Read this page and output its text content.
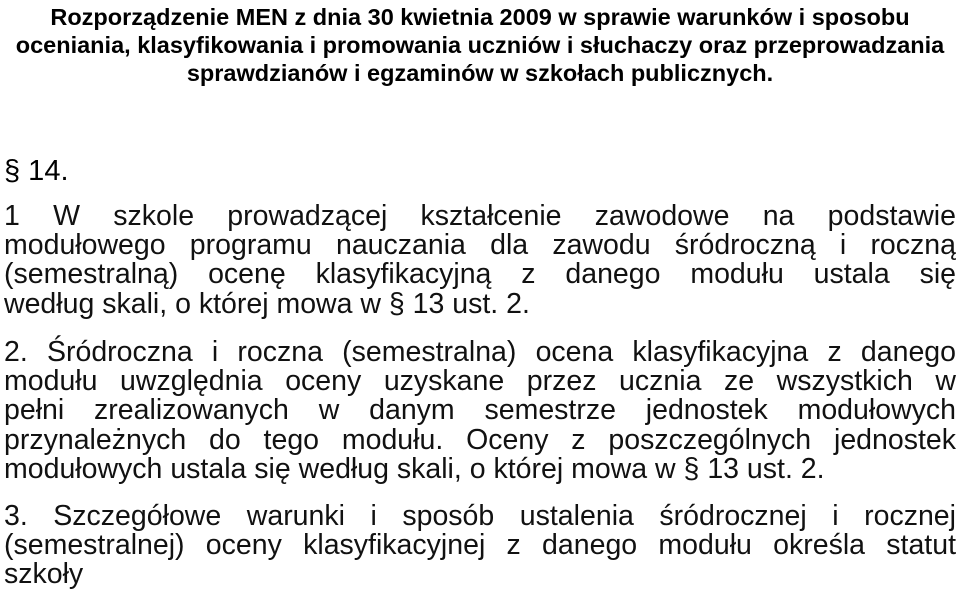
Rozporządzenie MEN z dnia 30 kwietnia 2009 w sprawie warunków i sposobu
oceniania, klasyfikowania i promowania uczniów i słuchaczy oraz przeprowadzania
sprawdzianów i egzaminów w szkołach publicznych.
§ 14.
1 W szkole prowadzącej kształcenie zawodowe na podstawie
modułowego programu nauczania dla zawodu śródroczną i roczną
(semestralną) ocenę klasyfikacyjną z danego modułu ustala się
według skali, o której mowa w § 13 ust. 2.
2. Śródroczna i roczna (semestralna) ocena klasyfikacyjna z danego
modułu uwzględnia oceny uzyskane przez ucznia ze wszystkich w
pełni zrealizowanych w danym semestrze jednostek modułowych
przynależnych do tego modułu. Oceny z poszczególnych jednostek
modułowych ustala się według skali, o której mowa w § 13 ust. 2.
3. Szczegółowe warunki i sposób ustalenia śródrocznej i rocznej
(semestralnej) oceny klasyfikacyjnej z danego modułu określa statut
szkoły
